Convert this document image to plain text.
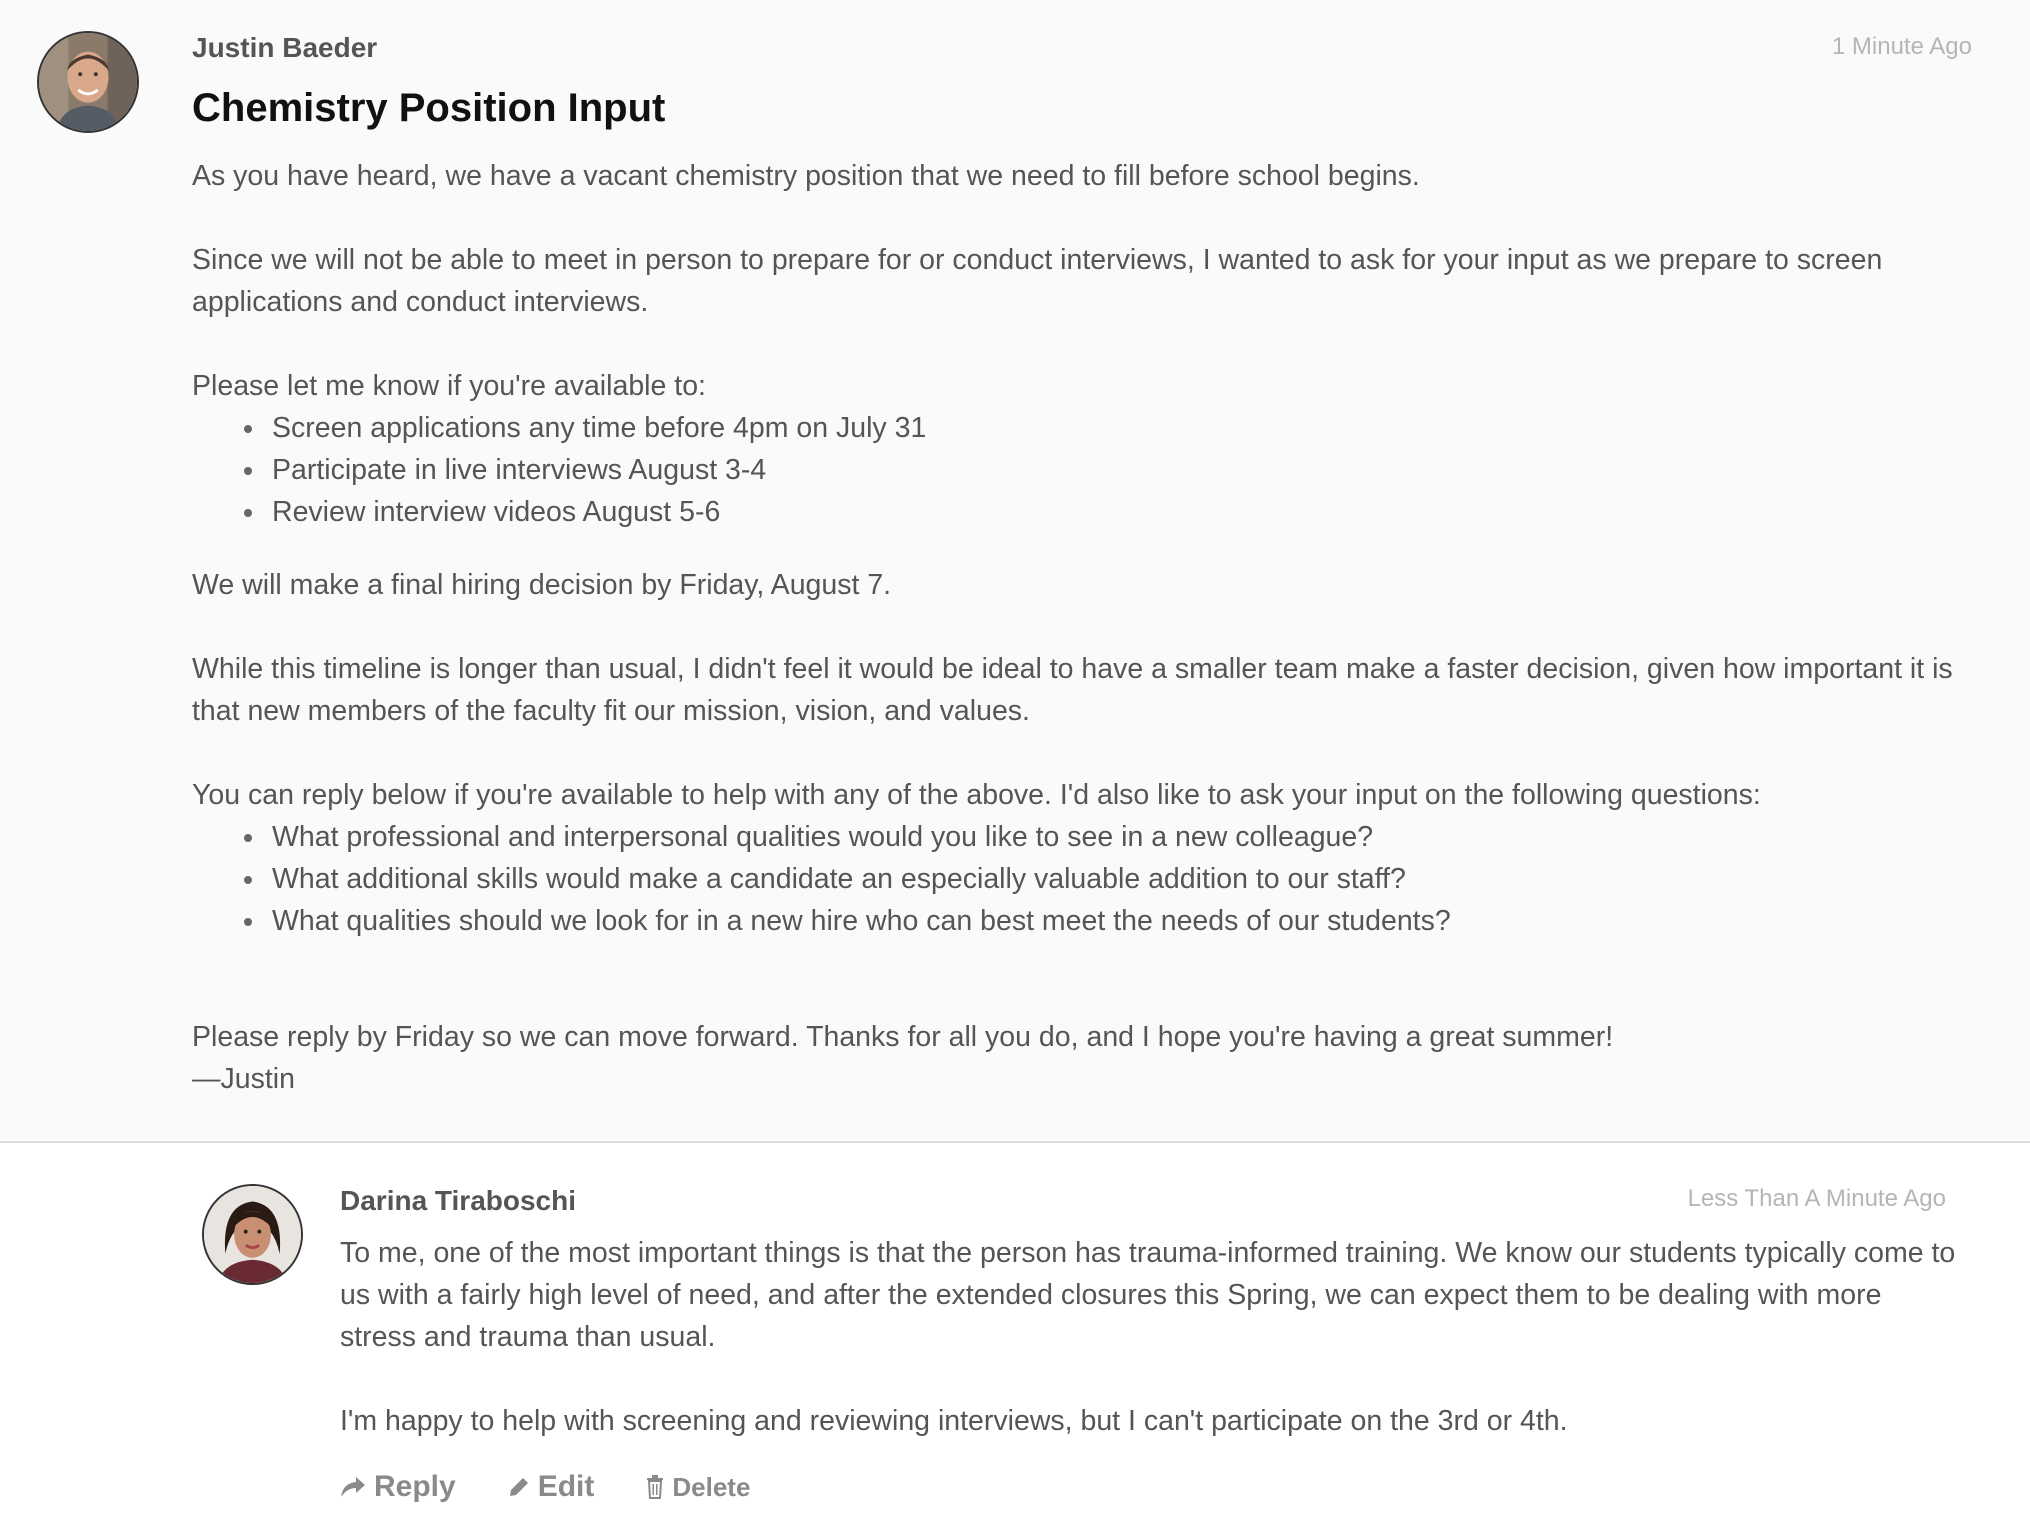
Justin Baeder	1 Minute Ago
Chemistry Position Input

As you have heard, we have a vacant chemistry position that we need to fill before school begins.

Since we will not be able to meet in person to prepare for or conduct interviews, I wanted to ask for your input as we prepare to screen applications and conduct interviews.

Please let me know if you're available to:

Screen applications any time before 4pm on July 31
Participate in live interviews August 3-4
Review interview videos August 5-6

We will make a final hiring decision by Friday, August 7.

While this timeline is longer than usual, I didn't feel it would be ideal to have a smaller team make a faster decision, given how important it is that new members of the faculty fit our mission, vision, and values.

You can reply below if you're available to help with any of the above. I'd also like to ask your input on the following questions:

What professional and interpersonal qualities would you like to see in a new colleague?
What additional skills would make a candidate an especially valuable addition to our staff?
What qualities should we look for in a new hire who can best meet the needs of our students?

Please reply by Friday so we can move forward. Thanks for all you do, and I hope you're having a great summer!

—Justin

Darina Tiraboschi	Less Than A Minute Ago

To me, one of the most important things is that the person has trauma-informed training. We know our students typically come to us with a fairly high level of need, and after the extended closures this Spring, we can expect them to be dealing with more stress and trauma than usual.

I'm happy to help with screening and reviewing interviews, but I can't participate on the 3rd or 4th.

Reply	Edit	Delete
